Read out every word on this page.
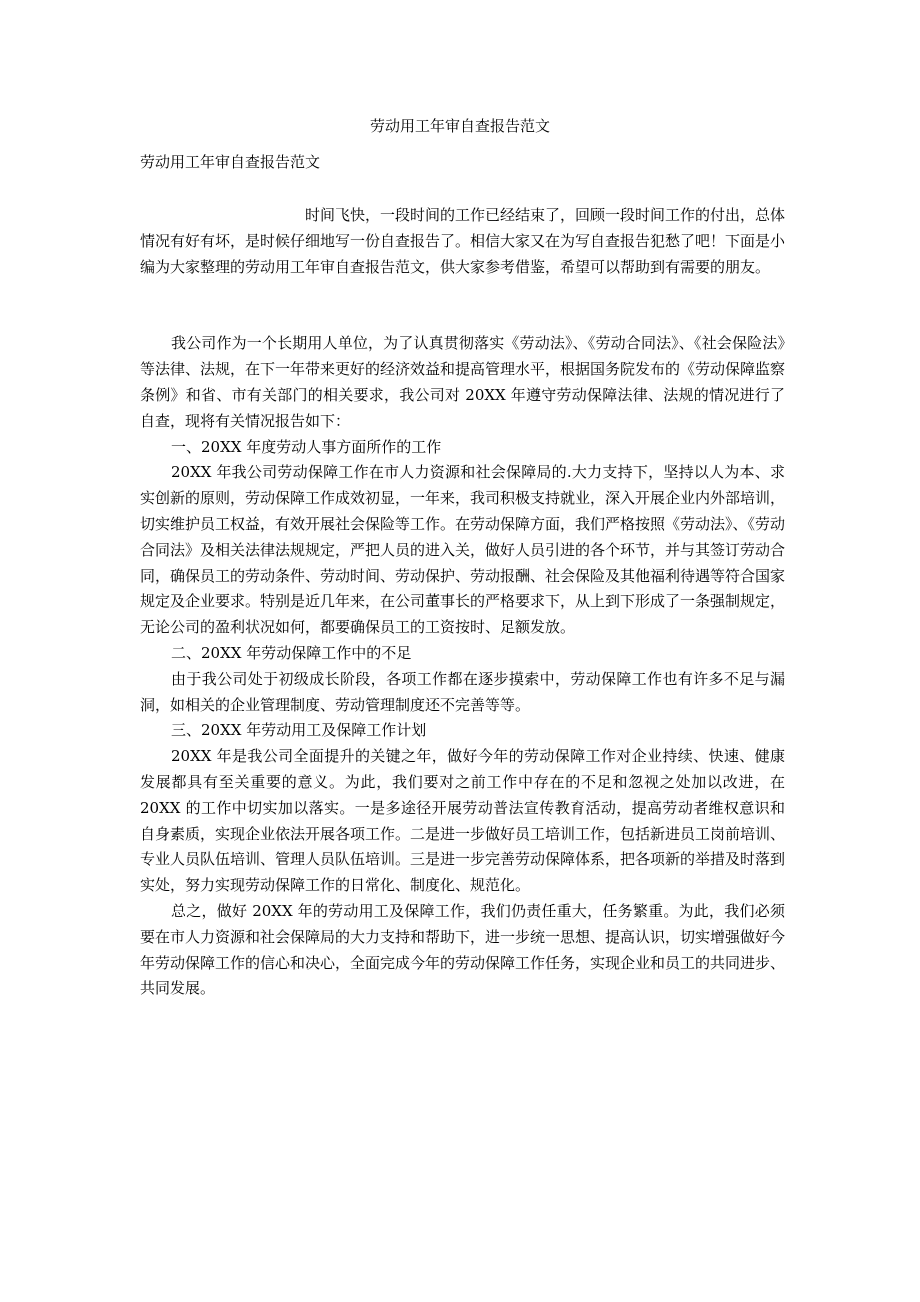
劳动用工年审自查报告范文
劳动用工年审自查报告范文

时间飞快，一段时间的工作已经结束了，回顾一段时间工作的付出，总体情况有好有坏，是时候仔细地写一份自查报告了。相信大家又在为写自查报告犯愁了吧！下面是小编为大家整理的劳动用工年审自查报告范文，供大家参考借鉴，希望可以帮助到有需要的朋友。

我公司作为一个长期用人单位，为了认真贯彻落实《劳动法》、《劳动合同法》、《社会保险法》等法律、法规，在下一年带来更好的经济效益和提高管理水平，根据国务院发布的《劳动保障监察条例》和省、市有关部门的相关要求，我公司对 20XX 年遵守劳动保障法律、法规的情况进行了自查，现将有关情况报告如下：

一、20XX 年度劳动人事方面所作的工作

20XX 年我公司劳动保障工作在市人力资源和社会保障局的.大力支持下，坚持以人为本、求实创新的原则，劳动保障工作成效初显，一年来，我司积极支持就业，深入开展企业内外部培训，切实维护员工权益，有效开展社会保险等工作。在劳动保障方面，我们严格按照《劳动法》、《劳动合同法》及相关法律法规规定，严把人员的进入关，做好人员引进的各个环节，并与其签订劳动合同，确保员工的劳动条件、劳动时间、劳动保护、劳动报酬、社会保险及其他福利待遇等符合国家规定及企业要求。特别是近几年来，在公司董事长的严格要求下，从上到下形成了一条强制规定，无论公司的盈利状况如何，都要确保员工的工资按时、足额发放。

二、20XX 年劳动保障工作中的不足

由于我公司处于初级成长阶段，各项工作都在逐步摸索中，劳动保障工作也有许多不足与漏洞，如相关的企业管理制度、劳动管理制度还不完善等等。

三、20XX 年劳动用工及保障工作计划

20XX 年是我公司全面提升的关键之年，做好今年的劳动保障工作对企业持续、快速、健康发展都具有至关重要的意义。为此，我们要对之前工作中存在的不足和忽视之处加以改进，在 20XX 的工作中切实加以落实。一是多途径开展劳动普法宣传教育活动，提高劳动者维权意识和自身素质，实现企业依法开展各项工作。二是进一步做好员工培训工作，包括新进员工岗前培训、专业人员队伍培训、管理人员队伍培训。三是进一步完善劳动保障体系，把各项新的举措及时落到实处，努力实现劳动保障工作的日常化、制度化、规范化。

总之，做好 20XX 年的劳动用工及保障工作，我们仍责任重大，任务繁重。为此，我们必须要在市人力资源和社会保障局的大力支持和帮助下，进一步统一思想、提高认识，切实增强做好今年劳动保障工作的信心和决心，全面完成今年的劳动保障工作任务，实现企业和员工的共同进步、共同发展。
